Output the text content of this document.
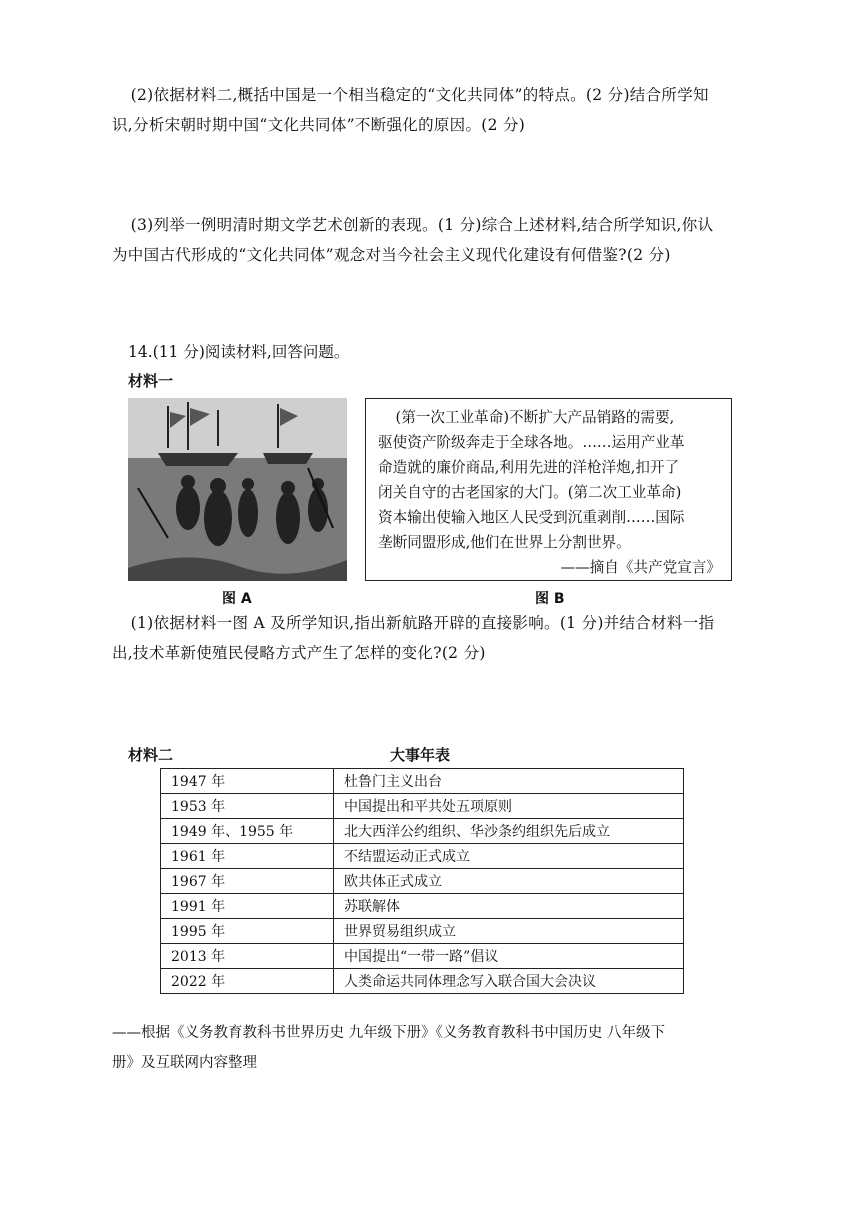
(2)依据材料二,概括中国是一个相当稳定的“文化共同体”的特点。(2 分)结合所学知

识,分析宋朝时期中国“文化共同体”不断强化的原因。(2 分)

(3)列举一例明清时期文学艺术创新的表现。(1 分)综合上述材料,结合所学知识,你认

为中国古代形成的“文化共同体”观念对当今社会主义现代化建设有何借鉴?(2 分)

14.(11 分)阅读材料,回答问题。
材料一

(第一次工业革命)不断扩大产品销路的需要,

驱使资产阶级奔走于全球各地。……运用产业革

命造就的廉价商品,利用先进的洋枪洋炮,扣开了

闭关自守的古老国家的大门。(第二次工业革命)

资本输出使输入地区人民受到沉重剥削……国际

垄断同盟形成,他们在世界上分割世界。

——摘自《共产党宣言》

图 A	图 B

(1)依据材料一图 A 及所学知识,指出新航路开辟的直接影响。(1 分)并结合材料一指

出,技术革新使殖民侵略方式产生了怎样的变化?(2 分)

材料二	大事年表
1947 年	杜鲁门主义出台
1953 年	中国提出和平共处五项原则
1949 年、1955 年	北大西洋公约组织、华沙条约组织先后成立
1961 年	不结盟运动正式成立
1967 年	欧共体正式成立
1991 年	苏联解体
1995 年	世界贸易组织成立
2013 年	中国提出“一带一路”倡议
2022 年	人类命运共同体理念写入联合国大会决议

——根据《义务教育教科书世界历史 九年级下册》《义务教育教科书中国历史 八年级下

册》及互联网内容整理
